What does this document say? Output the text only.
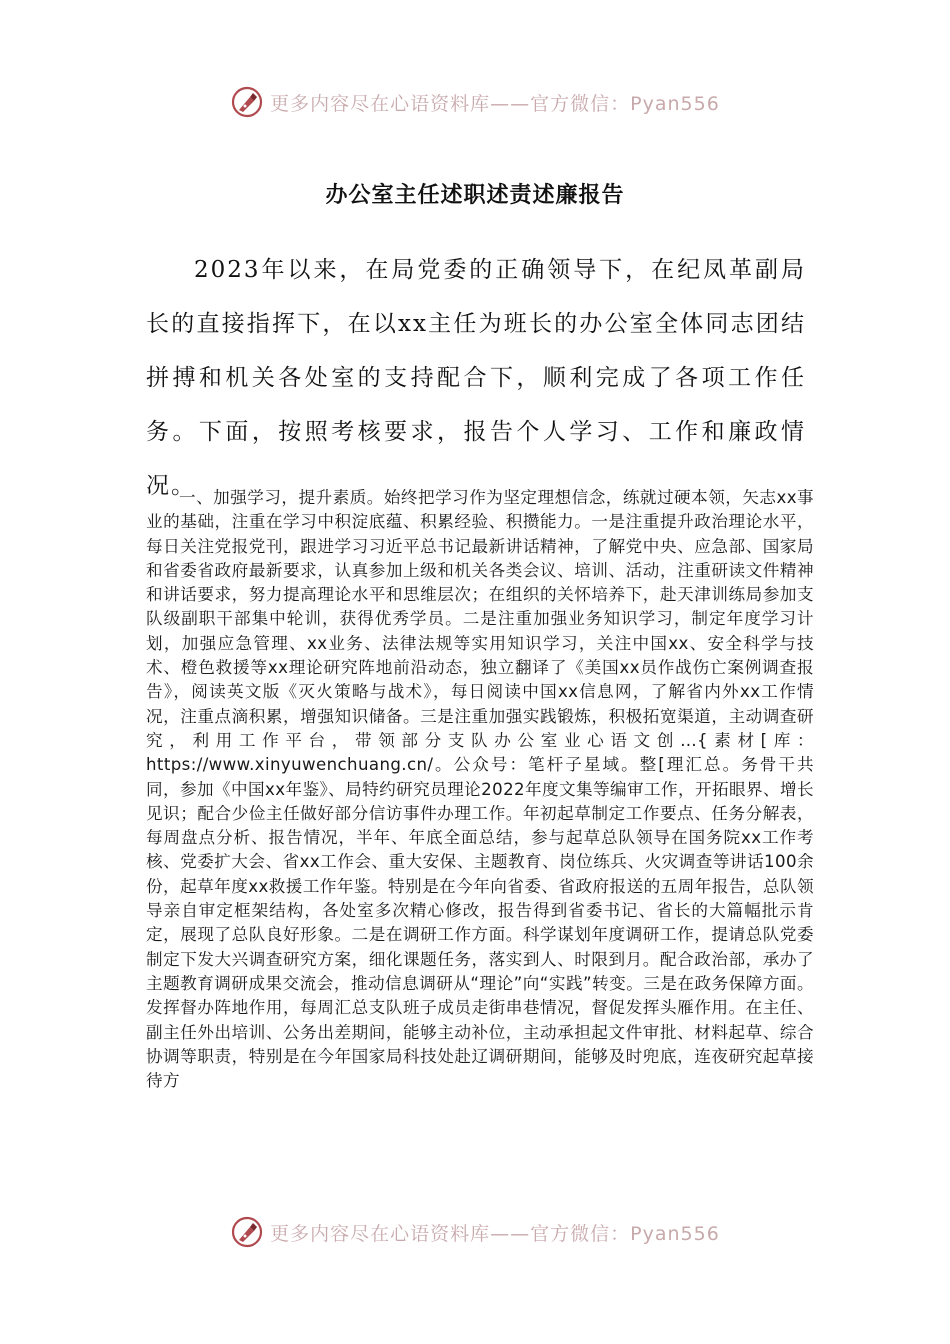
更多内容尽在心语资料库——官方微信：Pyan556
办公室主任述职述责述廉报告

2023年以来，在局党委的正确领导下，在纪凤革副局长的直接指挥下，在以xx主任为班长的办公室全体同志团结拼搏和机关各处室的支持配合下，顺利完成了各项工作任务。下面，按照考核要求，报告个人学习、工作和廉政情况。

一、加强学习，提升素质。始终把学习作为坚定理想信念，练就过硬本领，矢志xx事业的基础，注重在学习中积淀底蕴、积累经验、积攒能力。一是注重提升政治理论水平，每日关注党报党刊，跟进学习习近平总书记最新讲话精神，了解党中央、应急部、国家局和省委省政府最新要求，认真参加上级和机关各类会议、培训、活动，注重研读文件精神和讲话要求，努力提高理论水平和思维层次；在组织的关怀培养下，赴天津训练局参加支队级副职干部集中轮训，获得优秀学员。二是注重加强业务知识学习，制定年度学习计划，加强应急管理、xx业务、法律法规等实用知识学习，关注中国xx、安全科学与技术、橙色救援等xx理论研究阵地前沿动态，独立翻译了《美国xx员作战伤亡案例调查报告》，阅读英文版《灭火策略与战术》，每日阅读中国xx信息网，了解省内外xx工作情况，注重点滴积累，增强知识储备。三是注重加强实践锻炼，积极拓宽渠道，主动调查研究，利用工作平台，带领部分支队办公室业心语文创…{素材[库：https://www.xinyuwenchuang.cn/。公众号：笔杆子星域。整[理汇总。务骨干共同，参加《中国xx年鉴》、局特约研究员理论2022年度文集等编审工作，开拓眼界、增长见识；配合少俭主任做好部分信访事件办理工作。年初起草制定工作要点、任务分解表，每周盘点分析、报告情况，半年、年底全面总结，参与起草总队领导在国务院xx工作考核、党委扩大会、省xx工作会、重大安保、主题教育、岗位练兵、火灾调查等讲话100余份，起草年度xx救援工作年鉴。特别是在今年向省委、省政府报送的五周年报告，总队领导亲自审定框架结构，各处室多次精心修改，报告得到省委书记、省长的大篇幅批示肯定，展现了总队良好形象。二是在调研工作方面。科学谋划年度调研工作，提请总队党委制定下发大兴调查研究方案，细化课题任务，落实到人、时限到月。配合政治部，承办了主题教育调研成果交流会，推动信息调研从“理论”向“实践”转变。三是在政务保障方面。发挥督办阵地作用，每周汇总支队班子成员走街串巷情况，督促发挥头雁作用。在主任、副主任外出培训、公务出差期间，能够主动补位，主动承担起文件审批、材料起草、综合协调等职责，特别是在今年国家局科技处赴辽调研期间，能够及时兜底，连夜研究起草接待方

更多内容尽在心语资料库——官方微信：Pyan556
